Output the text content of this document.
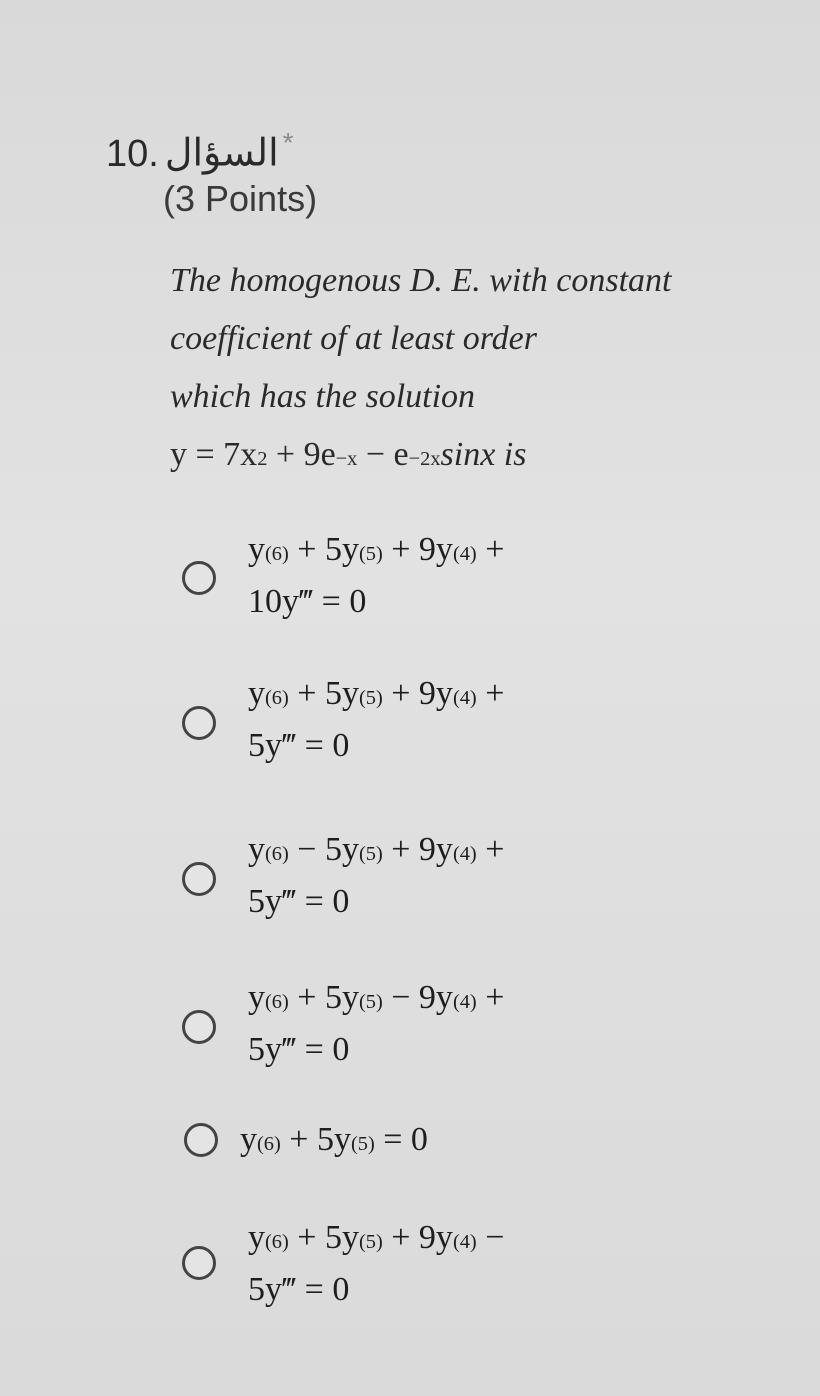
10. السؤال *
(3 Points)
The homogenous D. E. with constant
coefficient of at least order
which has the solution
$y = 7x^2 + 9e^{-x} - e^{-2x}\sin x$ is
$y^{(6)} + 5y^{(5)} + 9y^{(4)}$ +
10y‴ = 0
$y^{(6)} + 5y^{(5)} + 9y^{(4)}$ +
5y‴ = 0
$y^{(6)} - 5y^{(5)} + 9y^{(4)}$ +
5y‴ = 0
$y^{(6)} + 5y^{(5)} - 9y^{(4)}$ +
5y‴ = 0
$y^{(6)} + 5y^{(5)} = 0$
$y^{(6)} + 5y^{(5)} + 9y^{(4)}$ −
5y‴ = 0
